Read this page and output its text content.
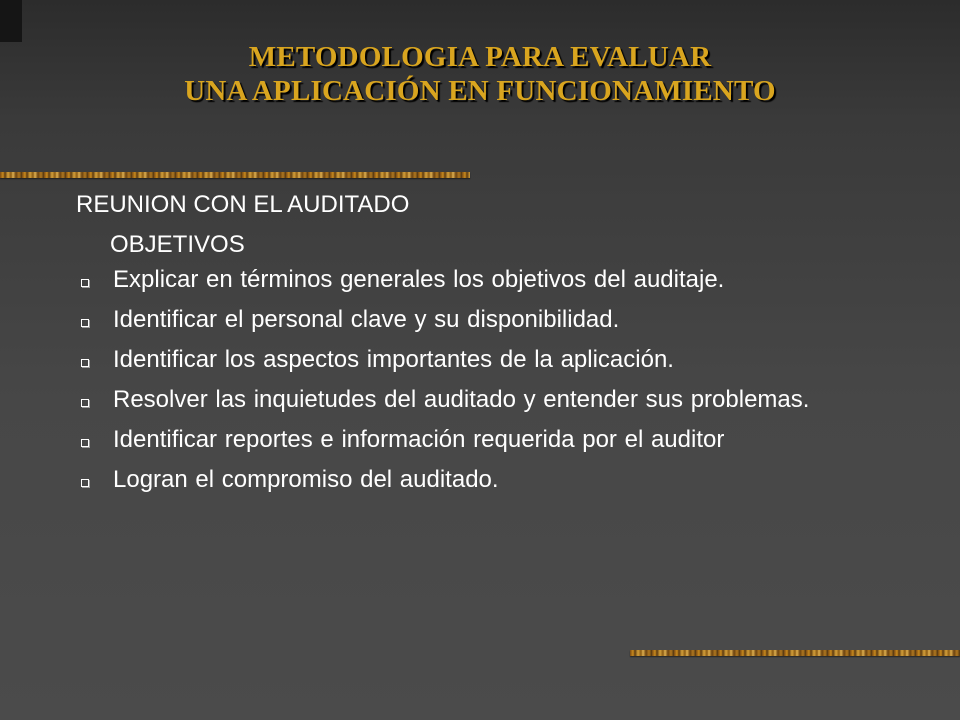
METODOLOGIA PARA EVALUAR
UNA APLICACIÓN EN FUNCIONAMIENTO
REUNION CON EL AUDITADO
OBJETIVOS
Explicar en términos generales los objetivos del auditaje.
Identificar el personal clave y su disponibilidad.
Identificar los aspectos importantes de la aplicación.
Resolver las inquietudes del auditado y entender sus problemas.
Identificar reportes e información requerida por el auditor
Logran el compromiso del auditado.
